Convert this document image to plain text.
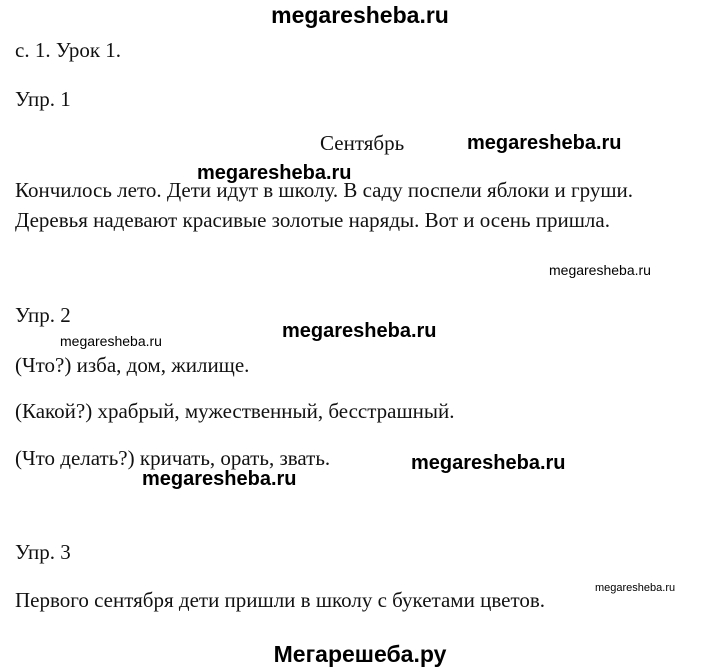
megaresheba.ru
с. 1. Урок 1.
Упр. 1
Сентябрь	megaresheba.ru
megaresheba.ru
Кончилось лето. Дети идут в школу. В саду поспели яблоки и груши.
Деревья надевают красивые золотые наряды. Вот и осень пришла.
megaresheba.ru
Упр. 2
megaresheba.ru
megaresheba.ru
(Что?) изба, дом, жилище.
(Какой?) храбрый, мужественный, бесстрашный.
(Что делать?) кричать, орать, звать.	megaresheba.ru
megaresheba.ru
Упр. 3
megaresheba.ru
Первого сентября дети пришли в школу с букетами цветов.
Мегарешеба.ру
